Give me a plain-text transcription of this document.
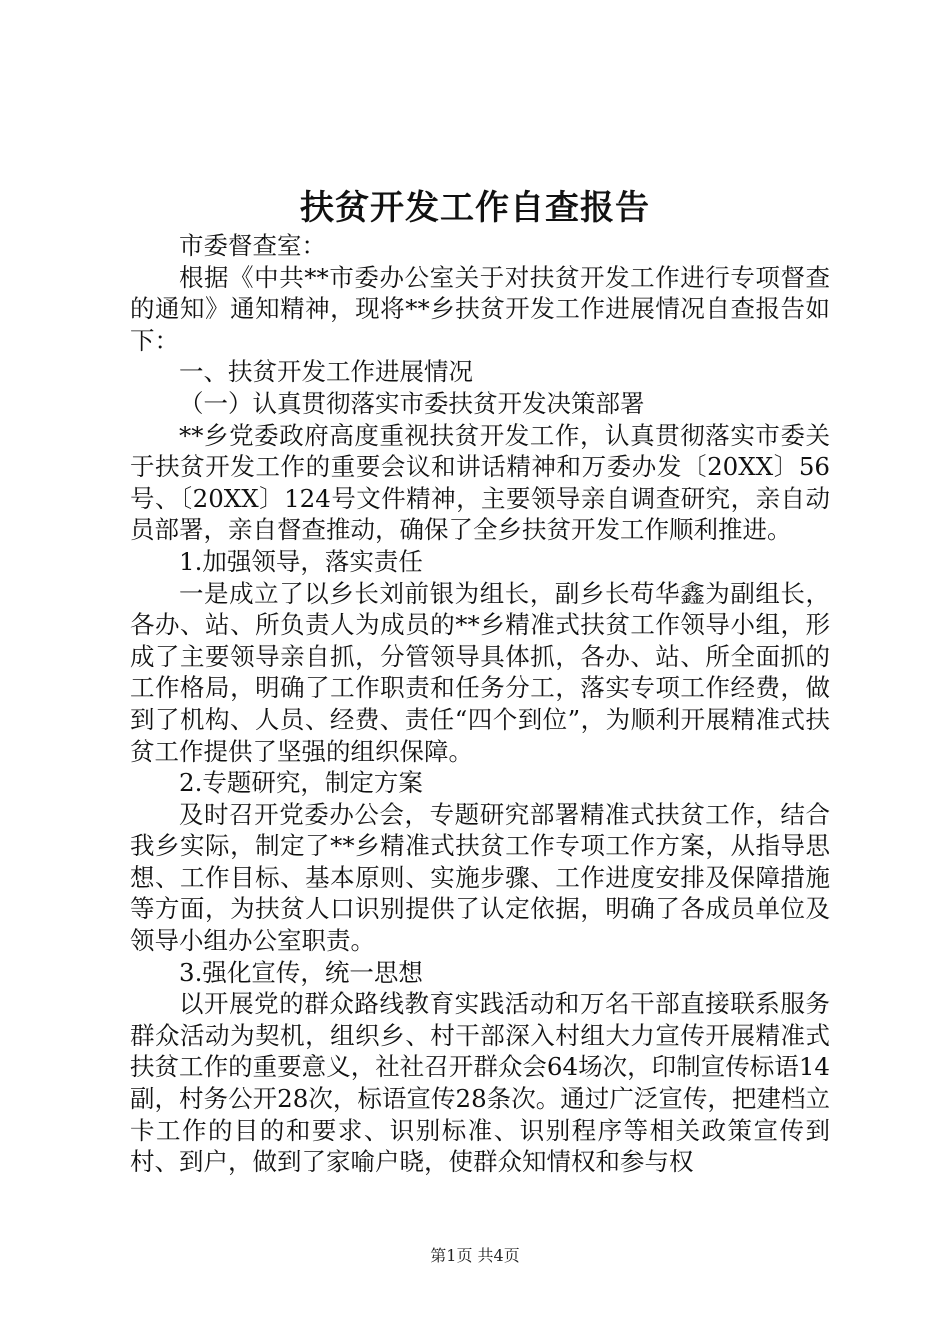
扶贫开发工作自查报告

市委督查室：

根据《中共**市委办公室关于对扶贫开发工作进行专项督查的通知》通知精神，现将**乡扶贫开发工作进展情况自查报告如下：

一、扶贫开发工作进展情况

（一）认真贯彻落实市委扶贫开发决策部署

**乡党委政府高度重视扶贫开发工作，认真贯彻落实市委关于扶贫开发工作的重要会议和讲话精神和万委办发〔20XX〕56号、〔20XX〕124号文件精神，主要领导亲自调查研究，亲自动员部署，亲自督查推动，确保了全乡扶贫开发工作顺利推进。

1.加强领导，落实责任

一是成立了以乡长刘前银为组长，副乡长苟华鑫为副组长，各办、站、所负责人为成员的**乡精准式扶贫工作领导小组，形成了主要领导亲自抓，分管领导具体抓，各办、站、所全面抓的工作格局，明确了工作职责和任务分工，落实专项工作经费，做到了机构、人员、经费、责任“四个到位”，为顺利开展精准式扶贫工作提供了坚强的组织保障。

2.专题研究，制定方案

及时召开党委办公会，专题研究部署精准式扶贫工作，结合我乡实际，制定了**乡精准式扶贫工作专项工作方案，从指导思想、工作目标、基本原则、实施步骤、工作进度安排及保障措施等方面，为扶贫人口识别提供了认定依据，明确了各成员单位及领导小组办公室职责。

3.强化宣传，统一思想

以开展党的群众路线教育实践活动和万名干部直接联系服务群众活动为契机，组织乡、村干部深入村组大力宣传开展精准式扶贫工作的重要意义，社社召开群众会64场次，印制宣传标语14副，村务公开28次，标语宣传28条次。通过广泛宣传，把建档立卡工作的目的和要求、识别标准、识别程序等相关政策宣传到村、到户，做到了家喻户晓，使群众知情权和参与权

第1页 共4页
